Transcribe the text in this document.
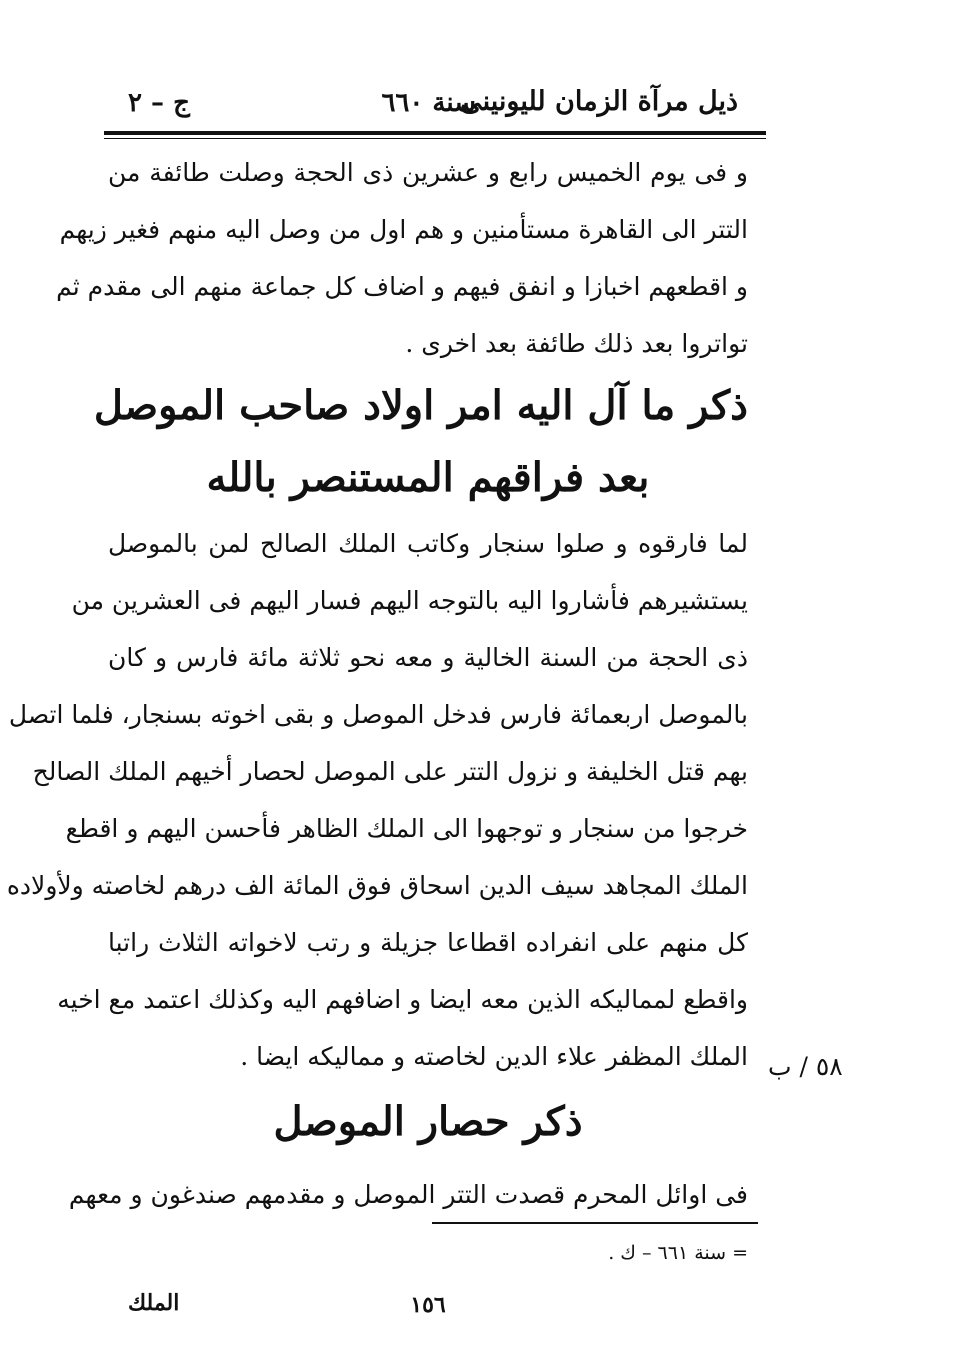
ذيل مرآة الزمان لليونينى
سنة ٦٦٠
ج – ٢
و فى يوم الخميس رابع و عشرين ذى الحجة وصلت طائفة من
التتر الى القاهرة مستأمنين و هم اول من وصل اليه منهم فغير زيهم
و اقطعهم اخبازا و انفق فيهم و اضاف كل جماعة منهم الى مقدم ثم
تواتروا بعد ذلك طائفة بعد اخرى .
ذكر ما آل اليه امر اولاد صاحب الموصل
بعد فراقهم المستنصر بالله
لما فارقوه و صلوا سنجار وكاتب الملك الصالح لمن بالموصل
يستشيرهم فأشاروا اليه بالتوجه اليهم فسار اليهم فى العشرين من
ذى الحجة من السنة الخالية و معه نحو ثلاثة مائة فارس و كان
بالموصل اربعمائة فارس فدخل الموصل و بقى اخوته بسنجار، فلما اتصل
بهم قتل الخليفة و نزول التتر على الموصل لحصار أخيهم الملك الصالح
خرجوا من سنجار و توجهوا الى الملك الظاهر فأحسن اليهم و اقطع
الملك المجاهد سيف الدين اسحاق فوق المائة الف درهم لخاصته ولأولاده
كل منهم على انفراده اقطاعا جزيلة و رتب لاخواته الثلاث راتبا
واقطع لمماليكه الذين معه ايضا و اضافهم اليه وكذلك اعتمد مع اخيه
الملك المظفر علاء الدين لخاصته و مماليكه ايضا . ٥٨ / ب
ذكر حصار الموصل
فى اوائل المحرم قصدت التتر الموصل و مقدمهم صندغون و معهم
= سنة ٦٦١ – ك .
١٥٦
الملك
